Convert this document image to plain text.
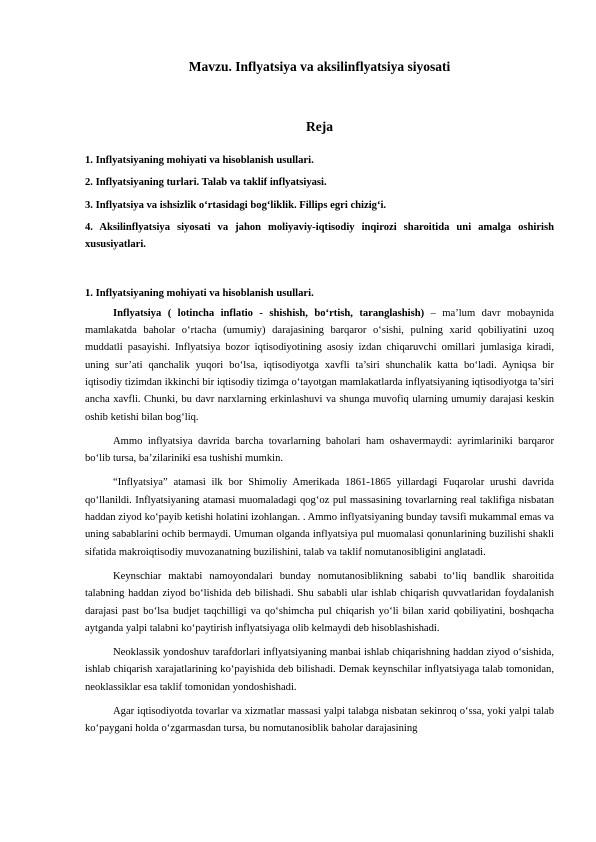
Mavzu. Inflyatsiya va aksilinflyatsiya siyosati
Reja
1. Inflyatsiyaning mohiyati va hisoblanish usullari.
2. Inflyatsiyaning turlari. Talab va taklif inflyatsiyasi.
3. Inflyatsiya va ishsizlik o‘rtasidagi bog‘liklik. Fillips egri chizig‘i.
4. Aksilinflyatsiya siyosati va jahon moliyaviy-iqtisodiy inqirozi sharoitida uni amalga oshirish xususiyatlari.
1. Inflyatsiyaning mohiyati va hisoblanish usullari.

Inflyatsiya ( lotincha inflatio - shishish, bo‘rtish, taranglashish) – ma’lum davr mobaynida mamlakatda baholar o‘rtacha (umumiy) darajasining barqaror o‘sishi, pulning xarid qobiliyatini uzoq muddatli pasayishi. Inflyatsiya bozor iqtisodiyotining asosiy izdan chiqaruvchi omillari jumlasiga kiradi, uning sur’ati qanchalik yuqori bo‘lsa, iqtisodiyotga xavfli ta’siri shunchalik katta bo‘ladi. Ayniqsa bir iqtisodiy tizimdan ikkinchi bir iqtisodiy tizimga o‘tayotgan mamlakatlarda inflyatsiyaning iqtisodiyotga ta’siri ancha xavfli. Chunki, bu davr narxlarning erkinlashuvi va shunga muvofiq ularning umumiy darajasi keskin oshib ketishi bilan bog‘liq.

Ammo inflyatsiya davrida barcha tovarlarning baholari ham oshavermaydi: ayrimlariniki barqaror bo‘lib tursa, ba’zilariniki esa tushishi mumkin.

“Inflyatsiya” atamasi ilk bor Shimoliy Amerikada 1861-1865 yillardagi Fuqarolar urushi davrida qo‘llanildi. Inflyatsiyaning atamasi muomaladagi qog‘oz pul massasining tovarlarning real taklifiga nisbatan haddan ziyod ko‘payib ketishi holatini izohlangan. . Ammo inflyatsiyaning bunday tavsifi mukammal emas va uning sabablarini ochib bermaydi. Umuman olganda inflyatsiya pul muomalasi qonunlarining buzilishi shakli sifatida makroiqtisodiy muvozanatning buzilishini, talab va taklif nomutanosibligini anglatadi.

Keynschiar maktabi namoyondalari bunday nomutanosiblikning sababi to‘liq bandlik sharoitida talabning haddan ziyod bo‘lishida deb bilishadi. Shu sababli ular ishlab chiqarish quvvatlaridan foydalanish darajasi past bo‘lsa budjet taqchilligi va qo‘shimcha pul chiqarish yo‘li bilan xarid qobiliyatini, boshqacha aytganda yalpi talabni ko‘paytirish inflyatsiyaga olib kelmaydi deb hisoblashishadi.

Neoklassik yondoshuv tarafdorlari inflyatsiyaning manbai ishlab chiqarishning haddan ziyod o‘sishida, ishlab chiqarish xarajatlarining ko‘payishida deb bilishadi. Demak keynschilar inflyatsiyaga talab tomonidan, neoklassiklar esa taklif tomonidan yondoshishadi.

Agar iqtisodiyotda tovarlar va xizmatlar massasi yalpi talabga nisbatan sekinroq o‘ssa, yoki yalpi talab ko‘paygani holda o‘zgarmasdan tursa, bu nomutanosiblik baholar darajasining
